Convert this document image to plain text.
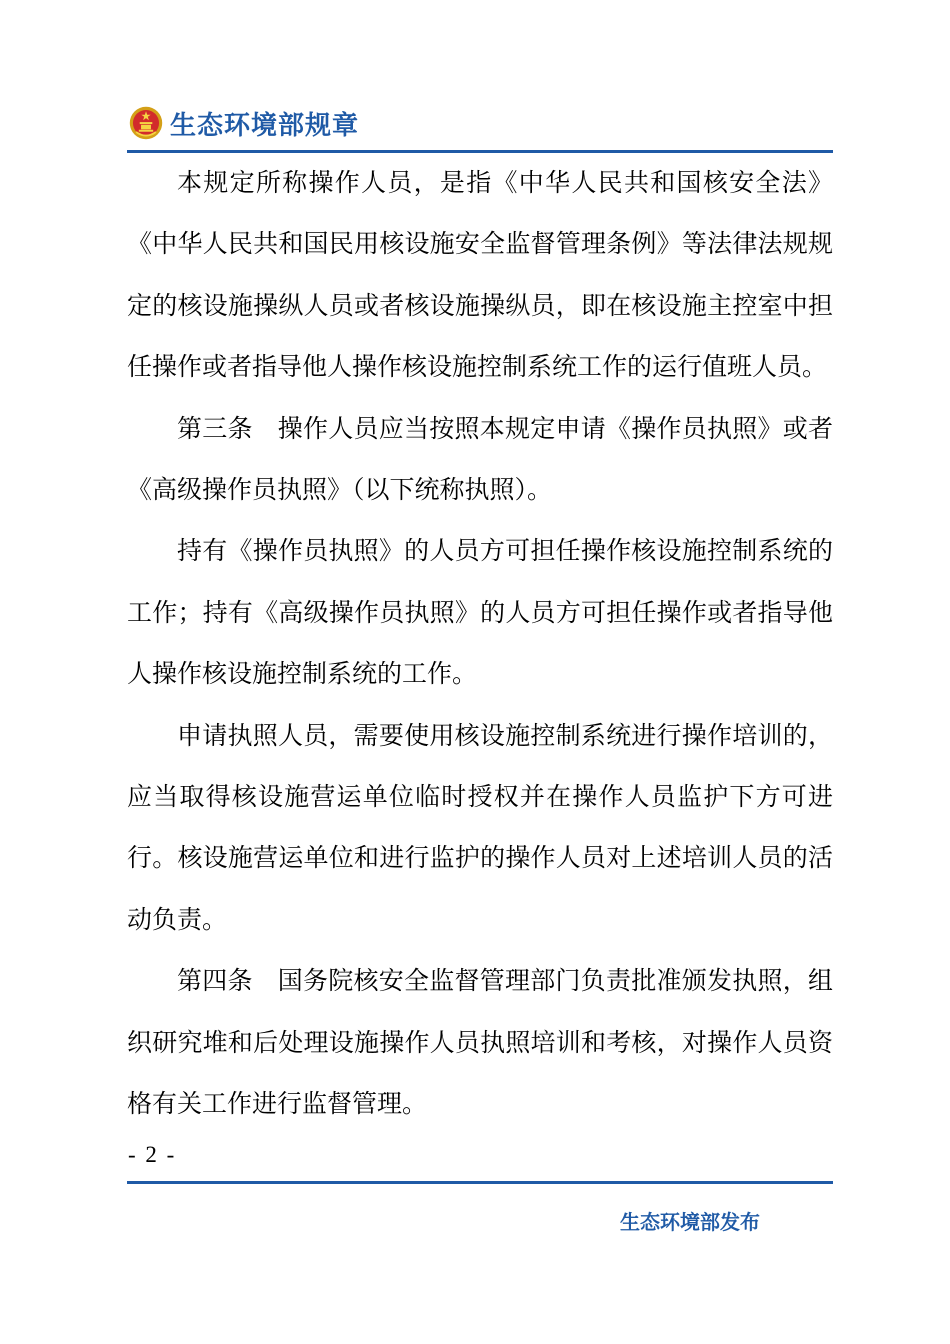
生态环境部规章

本规定所称操作人员，是指《中华人民共和国核安全法》《中华人民共和国民用核设施安全监督管理条例》等法律法规规定的核设施操纵人员或者核设施操纵员，即在核设施主控室中担任操作或者指导他人操作核设施控制系统工作的运行值班人员。

第三条 操作人员应当按照本规定申请《操作员执照》或者《高级操作员执照》（以下统称执照）。

持有《操作员执照》的人员方可担任操作核设施控制系统的工作；持有《高级操作员执照》的人员方可担任操作或者指导他人操作核设施控制系统的工作。

申请执照人员，需要使用核设施控制系统进行操作培训的，应当取得核设施营运单位临时授权并在操作人员监护下方可进行。核设施营运单位和进行监护的操作人员对上述培训人员的活动负责。

第四条 国务院核安全监督管理部门负责批准颁发执照，组织研究堆和后处理设施操作人员执照培训和考核，对操作人员资格有关工作进行监督管理。

- 2 -
生态环境部发布
